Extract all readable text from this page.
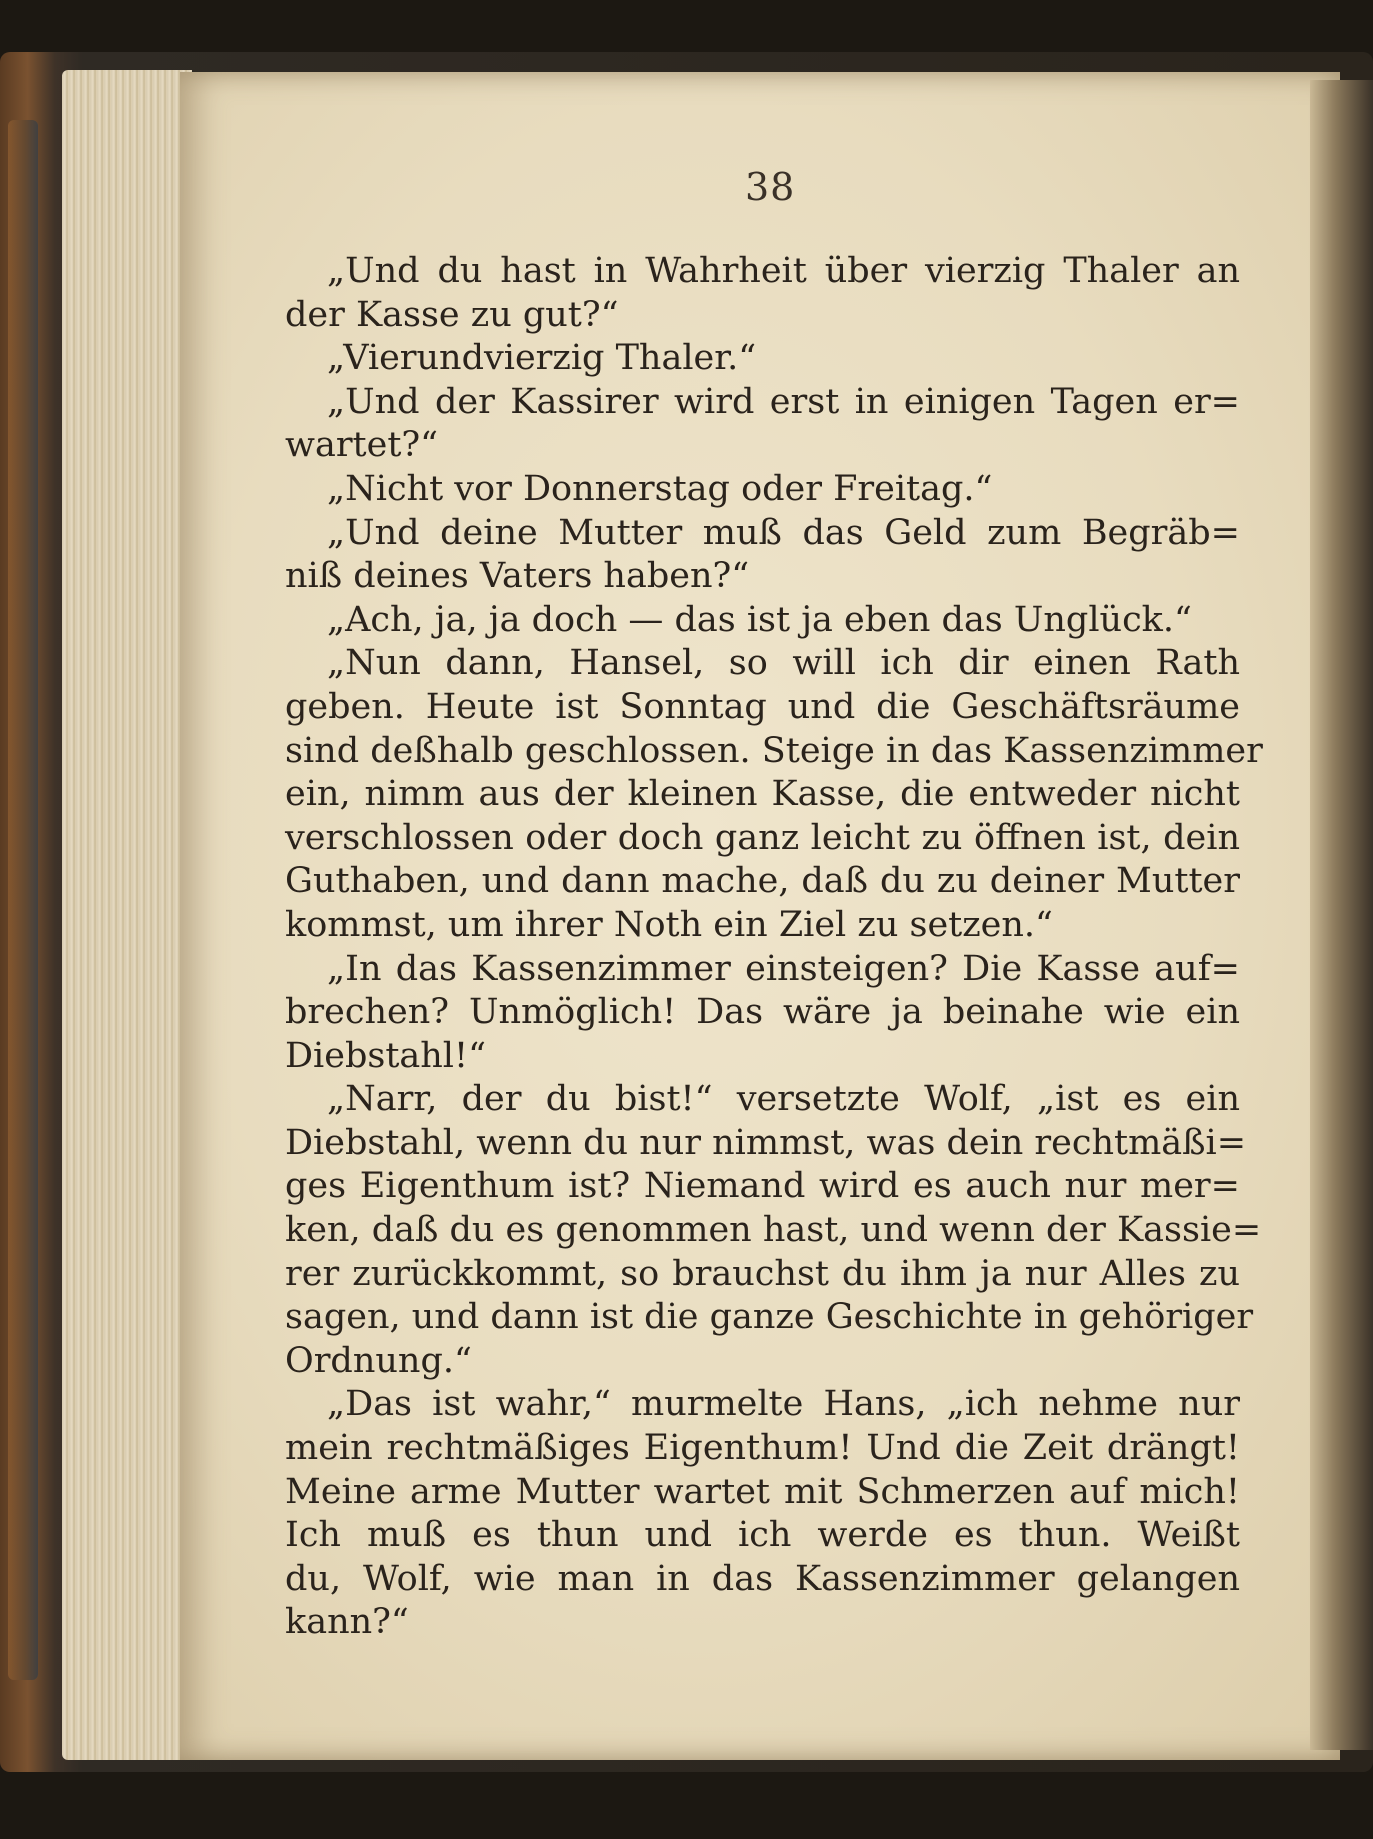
38
„Und du hast in Wahrheit über vierzig Thaler an
der Kasse zu gut?“
„Vierundvierzig Thaler.“
„Und der Kassirer wird erst in einigen Tagen er=
wartet?“
„Nicht vor Donnerstag oder Freitag.“
„Und deine Mutter muß das Geld zum Begräb=
niß deines Vaters haben?“
„Ach, ja, ja doch — das ist ja eben das Unglück.“
„Nun dann, Hansel, so will ich dir einen Rath
geben. Heute ist Sonntag und die Geschäftsräume
sind deßhalb geschlossen. Steige in das Kassenzimmer
ein, nimm aus der kleinen Kasse, die entweder nicht
verschlossen oder doch ganz leicht zu öffnen ist, dein
Guthaben, und dann mache, daß du zu deiner Mutter
kommst, um ihrer Noth ein Ziel zu setzen.“
„In das Kassenzimmer einsteigen? Die Kasse auf=
brechen? Unmöglich! Das wäre ja beinahe wie ein
Diebstahl!“
„Narr, der du bist!“ versetzte Wolf, „ist es ein
Diebstahl, wenn du nur nimmst, was dein rechtmäßi=
ges Eigenthum ist? Niemand wird es auch nur mer=
ken, daß du es genommen hast, und wenn der Kassie=
rer zurückkommt, so brauchst du ihm ja nur Alles zu
sagen, und dann ist die ganze Geschichte in gehöriger
Ordnung.“
„Das ist wahr,“ murmelte Hans, „ich nehme nur
mein rechtmäßiges Eigenthum! Und die Zeit drängt!
Meine arme Mutter wartet mit Schmerzen auf mich!
Ich muß es thun und ich werde es thun. Weißt
du, Wolf, wie man in das Kassenzimmer gelangen
kann?“
